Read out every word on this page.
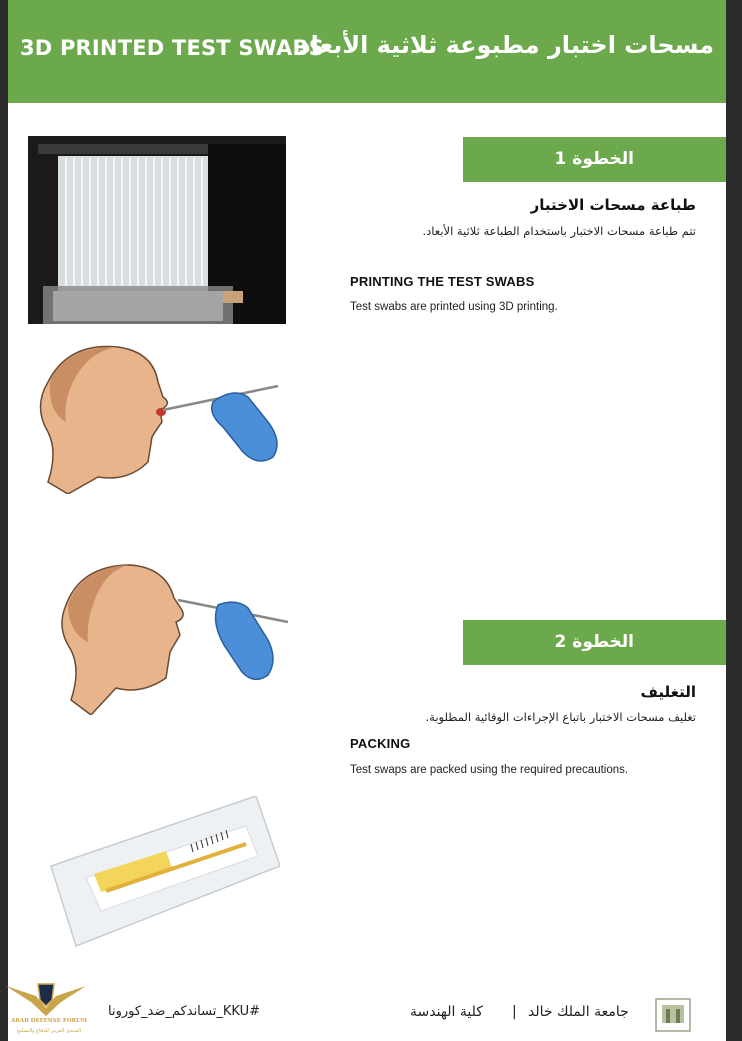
3D PRINTED TEST SWABS
مسحات اختبار مطبوعة ثلاثية الأبعاد
الخطوة 1
طباعة مسحات الاختبار
تتم طباعة مسحات الاختبار باستخدام الطباعة ثلاثية الأبعاد.
PRINTING THE TEST SWABS
Test swabs are printed using 3D printing.
الخطوة 2
التغليف
تغليف مسحات الاختبار باتباع الإجراءات الوقائية المطلوبة.
PACKING
Test swaps are packed using the required precautions.
#KKU_تساندكم_ضد_كورونا	كلية الهندسة | جامعة الملك خالد
ARAB DEFENSE FORUM
المنتدى العربي للدفاع والتسليح
